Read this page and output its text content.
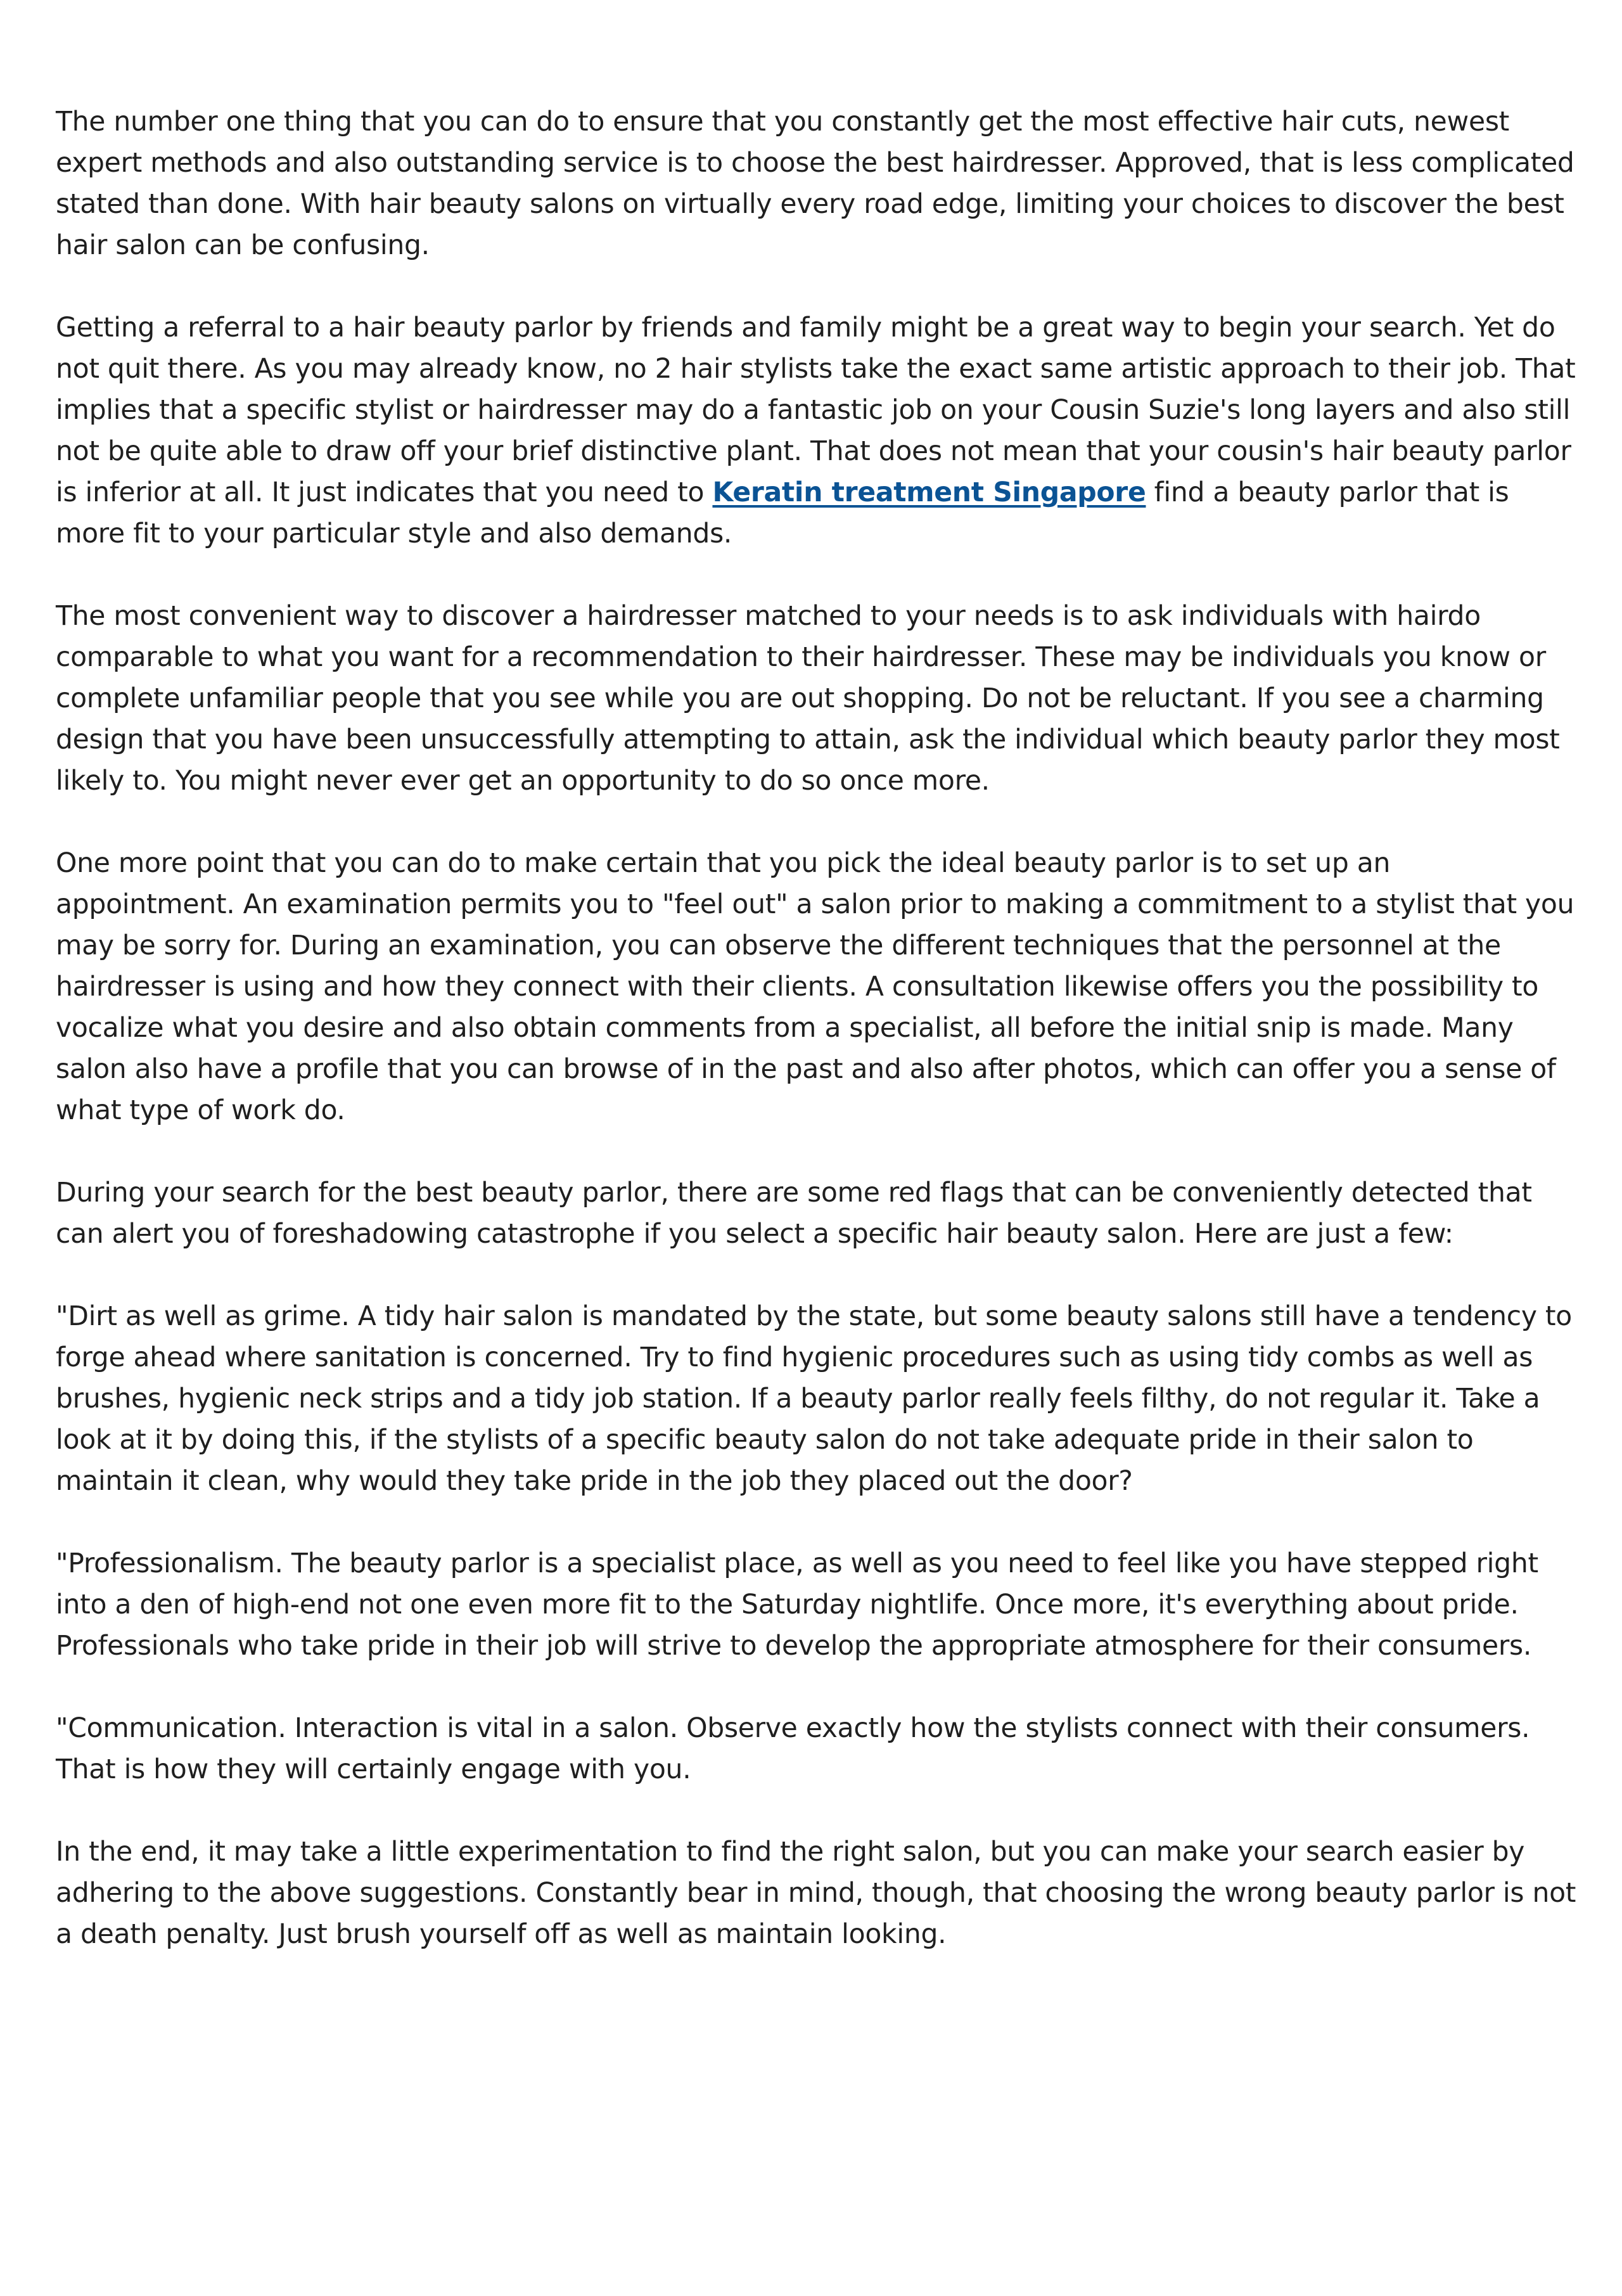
The number one thing that you can do to ensure that you constantly get the most effective hair cuts, newest expert methods and also outstanding service is to choose the best hairdresser. Approved, that is less complicated stated than done. With hair beauty salons on virtually every road edge, limiting your choices to discover the best hair salon can be confusing.

Getting a referral to a hair beauty parlor by friends and family might be a great way to begin your search. Yet do not quit there. As you may already know, no 2 hair stylists take the exact same artistic approach to their job. That implies that a specific stylist or hairdresser may do a fantastic job on your Cousin Suzie's long layers and also still not be quite able to draw off your brief distinctive plant. That does not mean that your cousin's hair beauty parlor is inferior at all. It just indicates that you need to Keratin treatment Singapore find a beauty parlor that is more fit to your particular style and also demands.

The most convenient way to discover a hairdresser matched to your needs is to ask individuals with hairdo comparable to what you want for a recommendation to their hairdresser. These may be individuals you know or complete unfamiliar people that you see while you are out shopping. Do not be reluctant. If you see a charming design that you have been unsuccessfully attempting to attain, ask the individual which beauty parlor they most likely to. You might never ever get an opportunity to do so once more.

One more point that you can do to make certain that you pick the ideal beauty parlor is to set up an appointment. An examination permits you to "feel out" a salon prior to making a commitment to a stylist that you may be sorry for. During an examination, you can observe the different techniques that the personnel at the hairdresser is using and how they connect with their clients. A consultation likewise offers you the possibility to vocalize what you desire and also obtain comments from a specialist, all before the initial snip is made. Many salon also have a profile that you can browse of in the past and also after photos, which can offer you a sense of what type of work do.

During your search for the best beauty parlor, there are some red flags that can be conveniently detected that can alert you of foreshadowing catastrophe if you select a specific hair beauty salon. Here are just a few:

"Dirt as well as grime. A tidy hair salon is mandated by the state, but some beauty salons still have a tendency to forge ahead where sanitation is concerned. Try to find hygienic procedures such as using tidy combs as well as brushes, hygienic neck strips and a tidy job station. If a beauty parlor really feels filthy, do not regular it. Take a look at it by doing this, if the stylists of a specific beauty salon do not take adequate pride in their salon to maintain it clean, why would they take pride in the job they placed out the door?

"Professionalism. The beauty parlor is a specialist place, as well as you need to feel like you have stepped right into a den of high-end not one even more fit to the Saturday nightlife. Once more, it's everything about pride. Professionals who take pride in their job will strive to develop the appropriate atmosphere for their consumers.

"Communication. Interaction is vital in a salon. Observe exactly how the stylists connect with their consumers. That is how they will certainly engage with you.

In the end, it may take a little experimentation to find the right salon, but you can make your search easier by adhering to the above suggestions. Constantly bear in mind, though, that choosing the wrong beauty parlor is not a death penalty. Just brush yourself off as well as maintain looking.
